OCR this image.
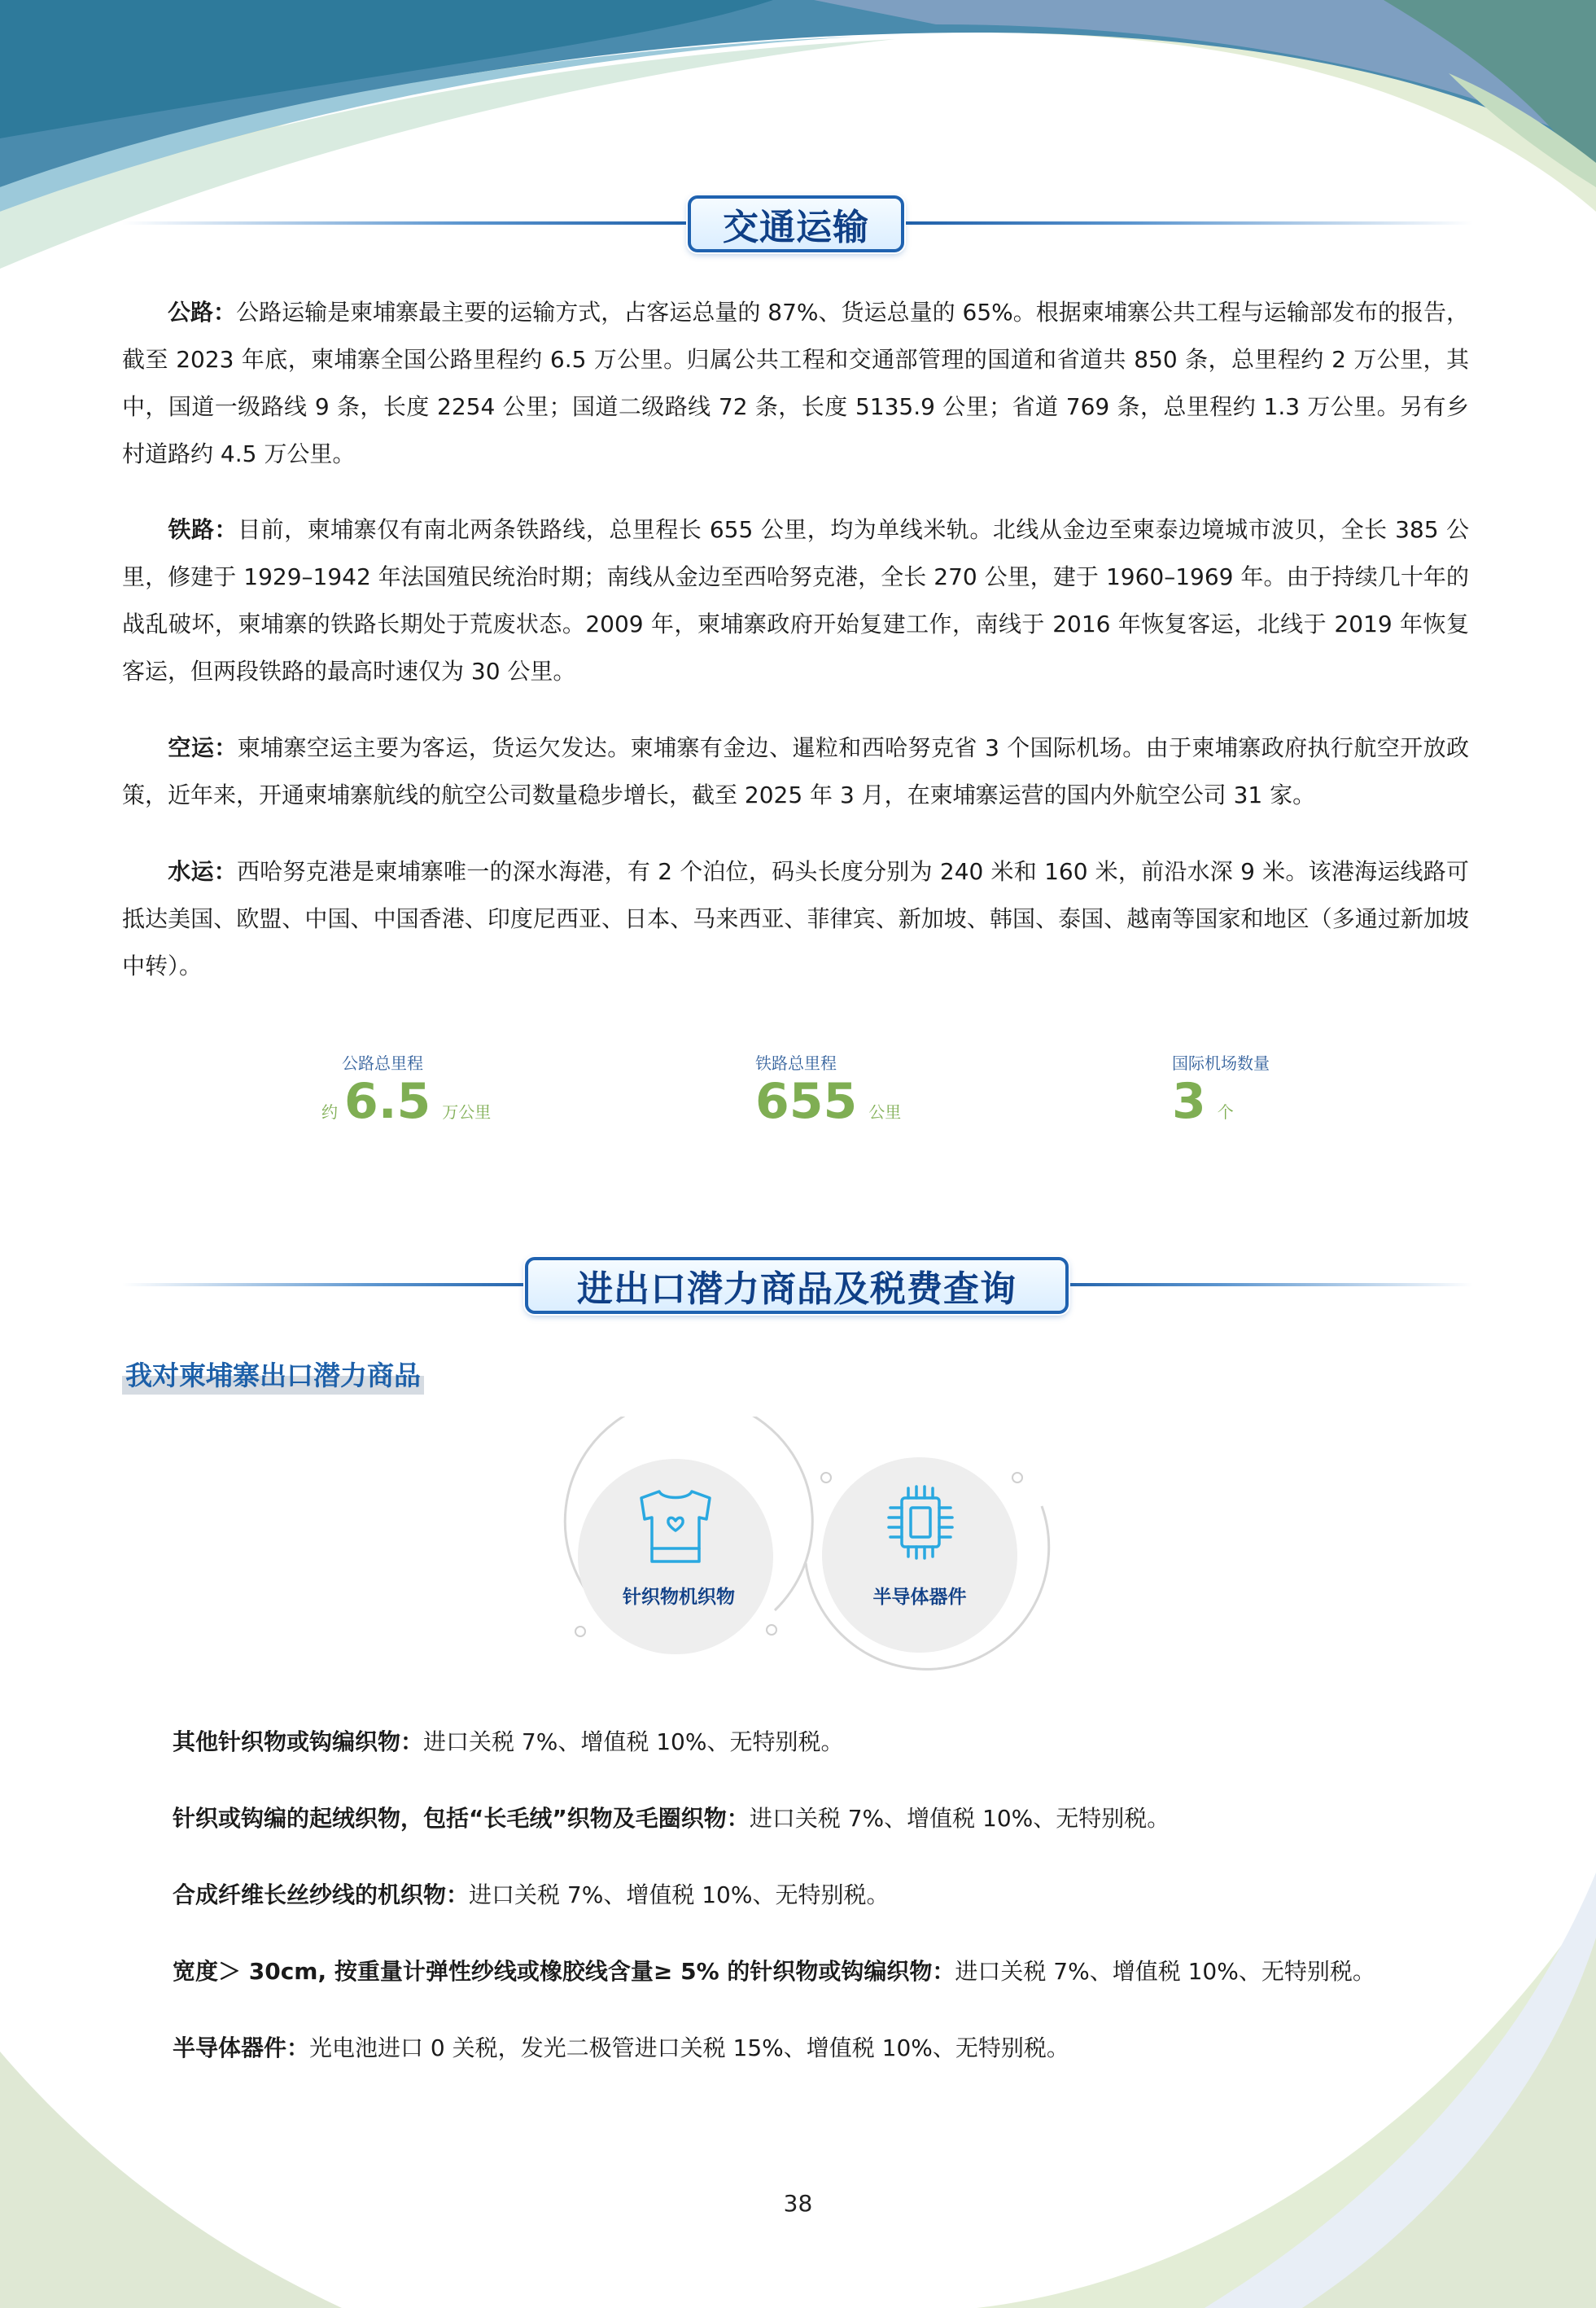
交通运输
公路：公路运输是柬埔寨最主要的运输方式，占客运总量的 87%、货运总量的 65%。根据柬埔寨公共工程与运输部发布的报告，截至 2023 年底，柬埔寨全国公路里程约 6.5 万公里。归属公共工程和交通部管理的国道和省道共 850 条，总里程约 2 万公里，其中，国道一级路线 9 条，长度 2254 公里；国道二级路线 72 条，长度 5135.9 公里；省道 769 条，总里程约 1.3 万公里。另有乡村道路约 4.5 万公里。
铁路：目前，柬埔寨仅有南北两条铁路线，总里程长 655 公里，均为单线米轨。北线从金边至柬泰边境城市波贝，全长 385 公里，修建于 1929–1942 年法国殖民统治时期；南线从金边至西哈努克港，全长 270 公里，建于 1960–1969 年。由于持续几十年的战乱破坏，柬埔寨的铁路长期处于荒废状态。2009 年，柬埔寨政府开始复建工作，南线于 2016 年恢复客运，北线于 2019 年恢复客运，但两段铁路的最高时速仅为 30 公里。
空运：柬埔寨空运主要为客运，货运欠发达。柬埔寨有金边、暹粒和西哈努克省 3 个国际机场。由于柬埔寨政府执行航空开放政策，近年来，开通柬埔寨航线的航空公司数量稳步增长，截至 2025 年 3 月，在柬埔寨运营的国内外航空公司 31 家。
水运：西哈努克港是柬埔寨唯一的深水海港，有 2 个泊位，码头长度分别为 240 米和 160 米，前沿水深 9 米。该港海运线路可抵达美国、欧盟、中国、中国香港、印度尼西亚、日本、马来西亚、菲律宾、新加坡、韩国、泰国、越南等国家和地区（多通过新加坡中转）。
公路总里程
约 6.5 万公里
铁路总里程
655 公里
国际机场数量
3 个
进出口潜力商品及税费查询
我对柬埔寨出口潜力商品
针织物机织物	半导体器件
其他针织物或钩编织物：进口关税 7%、增值税 10%、无特别税。
针织或钩编的起绒织物，包括“长毛绒”织物及毛圈织物：进口关税 7%、增值税 10%、无特别税。
合成纤维长丝纱线的机织物：进口关税 7%、增值税 10%、无特别税。
宽度＞ 30cm, 按重量计弹性纱线或橡胶线含量≥ 5% 的针织物或钩编织物：进口关税 7%、增值税 10%、无特别税。
半导体器件：光电池进口 0 关税，发光二极管进口关税 15%、增值税 10%、无特别税。
38
